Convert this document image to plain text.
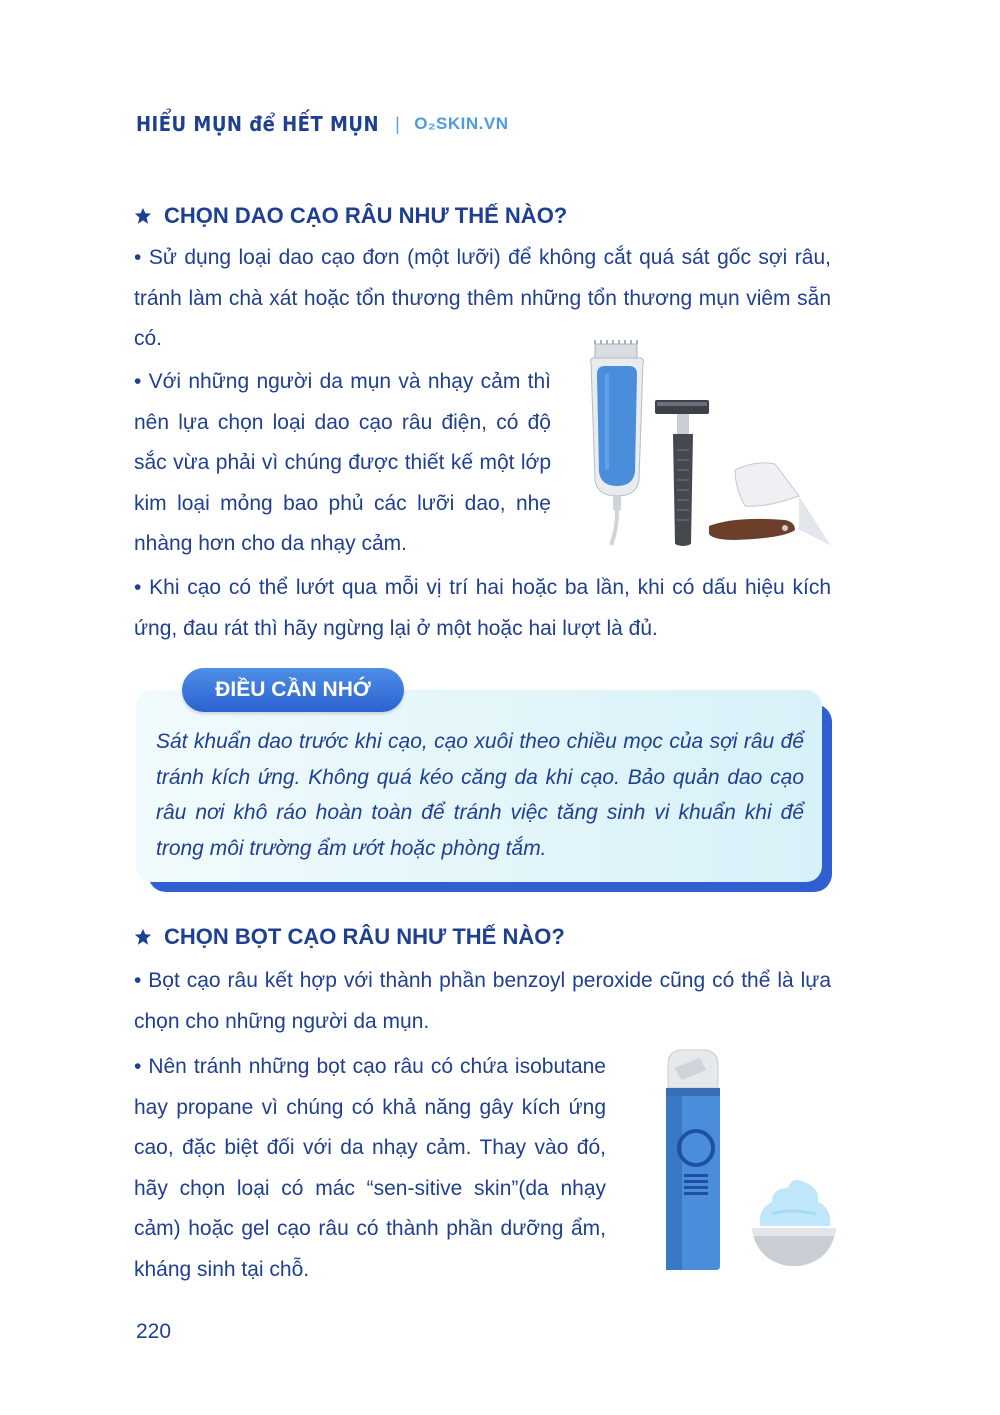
HIỂU MỤN để HẾT MỤN | O₂SKIN.VN
CHỌN DAO CẠO RÂU NHƯ THẾ NÀO?
• Sử dụng loại dao cạo đơn (một lưỡi) để không cắt quá sát gốc sợi râu, tránh làm chà xát hoặc tổn thương thêm những tổn thương mụn viêm sẵn có.
• Với những người da mụn và nhạy cảm thì nên lựa chọn loại dao cạo râu điện, có độ sắc vừa phải vì chúng được thiết kế một lớp kim loại mỏng bao phủ các lưỡi dao, nhẹ nhàng hơn cho da nhạy cảm.
• Khi cạo có thể lướt qua mỗi vị trí hai hoặc ba lần, khi có dấu hiệu kích ứng, đau rát thì hãy ngừng lại ở một hoặc hai lượt là đủ.
ĐIỀU CẦN NHỚ
Sát khuẩn dao trước khi cạo, cạo xuôi theo chiều mọc của sợi râu để tránh kích ứng. Không quá kéo căng da khi cạo. Bảo quản dao cạo râu nơi khô ráo hoàn toàn để tránh việc tăng sinh vi khuẩn khi để trong môi trường ẩm ướt hoặc phòng tắm.
CHỌN BỌT CẠO RÂU NHƯ THẾ NÀO?
• Bọt cạo râu kết hợp với thành phần benzoyl peroxide cũng có thể là lựa chọn cho những người da mụn.
• Nên tránh những bọt cạo râu có chứa isobutane hay propane vì chúng có khả năng gây kích ứng cao, đặc biệt đối với da nhạy cảm. Thay vào đó, hãy chọn loại có mác “sen-sitive skin”(da nhạy cảm) hoặc gel cạo râu có thành phần dưỡng ẩm, kháng sinh tại chỗ.
220
